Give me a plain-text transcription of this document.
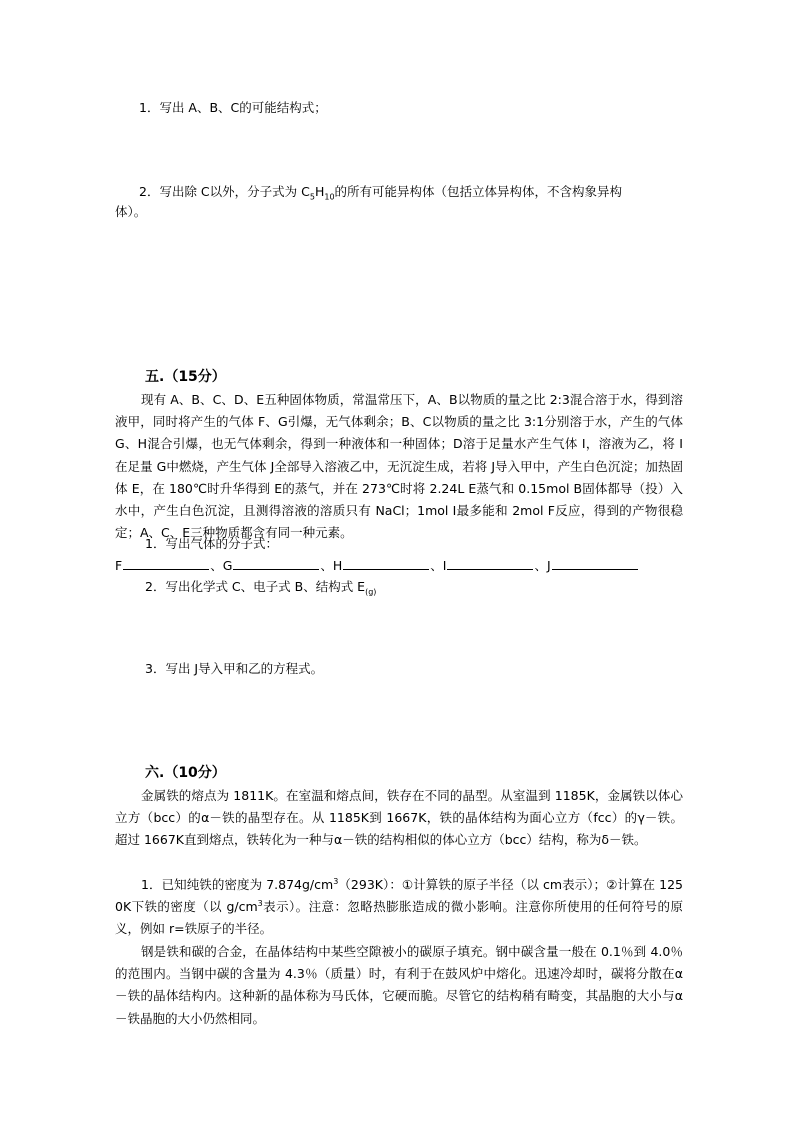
1．写出 A、B、C的可能结构式；
2．写出除 C以外，分子式为 $C_5H_{10}$的所有可能异构体（包括立体异构体，不含构象异构
体）。
五.（15分）
现有 A、B、C、D、E五种固体物质，常温常压下，A、B以物质的量之比 2:3混合溶于水，得到溶液甲，同时将产生的气体 F、G引爆，无气体剩余；B、C以物质的量之比 3:1分别溶于水，产生的气体 G、H混合引爆，也无气体剩余，得到一种液体和一种固体；D溶于足量水产生气体 I，溶液为乙，将 I在足量 G中燃烧，产生气体 J全部导入溶液乙中，无沉淀生成，若将 J导入甲中，产生白色沉淀；加热固体 E，在 180℃时升华得到 E的蒸气，并在 273℃时将 2.24L E蒸气和 0.15mol B固体都导（投）入水中，产生白色沉淀，且测得溶液的溶质只有 NaCl；1mol I最多能和 2mol F反应，得到的产物很稳定；A、C、E三种物质都含有同一种元素。
1．写出气体的分子式：
F	、G	、H	、I	、J
2．写出化学式 C、电子式 B、结构式 $E_{(g)}$
3．写出 J导入甲和乙的方程式。
六.（10分）
金属铁的熔点为 1811K。在室温和熔点间，铁存在不同的晶型。从室温到 1185K，金属铁以体心立方（bcc）的α－铁的晶型存在。从 1185K到 1667K，铁的晶体结构为面心立方（fcc）的γ－铁。超过 1667K直到熔点，铁转化为一种与α－铁的结构相似的体心立方（bcc）结构，称为δ－铁。
1．已知纯铁的密度为 $7.874g/cm^3(293K)$：①计算铁的原子半径（以 cm表示）；②计算在 1250K下铁的密度（以 $g/cm^3$表示）。注意：忽略热膨胀造成的微小影响。注意你所使用的任何符号的原义，例如 r=铁原子的半径。
钢是铁和碳的合金，在晶体结构中某些空隙被小的碳原子填充。钢中碳含量一般在 0.1％到 4.0％的范围内。当钢中碳的含量为 4.3％（质量）时，有利于在鼓风炉中熔化。迅速冷却时，碳将分散在α－铁的晶体结构内。这种新的晶体称为马氏体，它硬而脆。尽管它的结构稍有畸变，其晶胞的大小与α－铁晶胞的大小仍然相同。
